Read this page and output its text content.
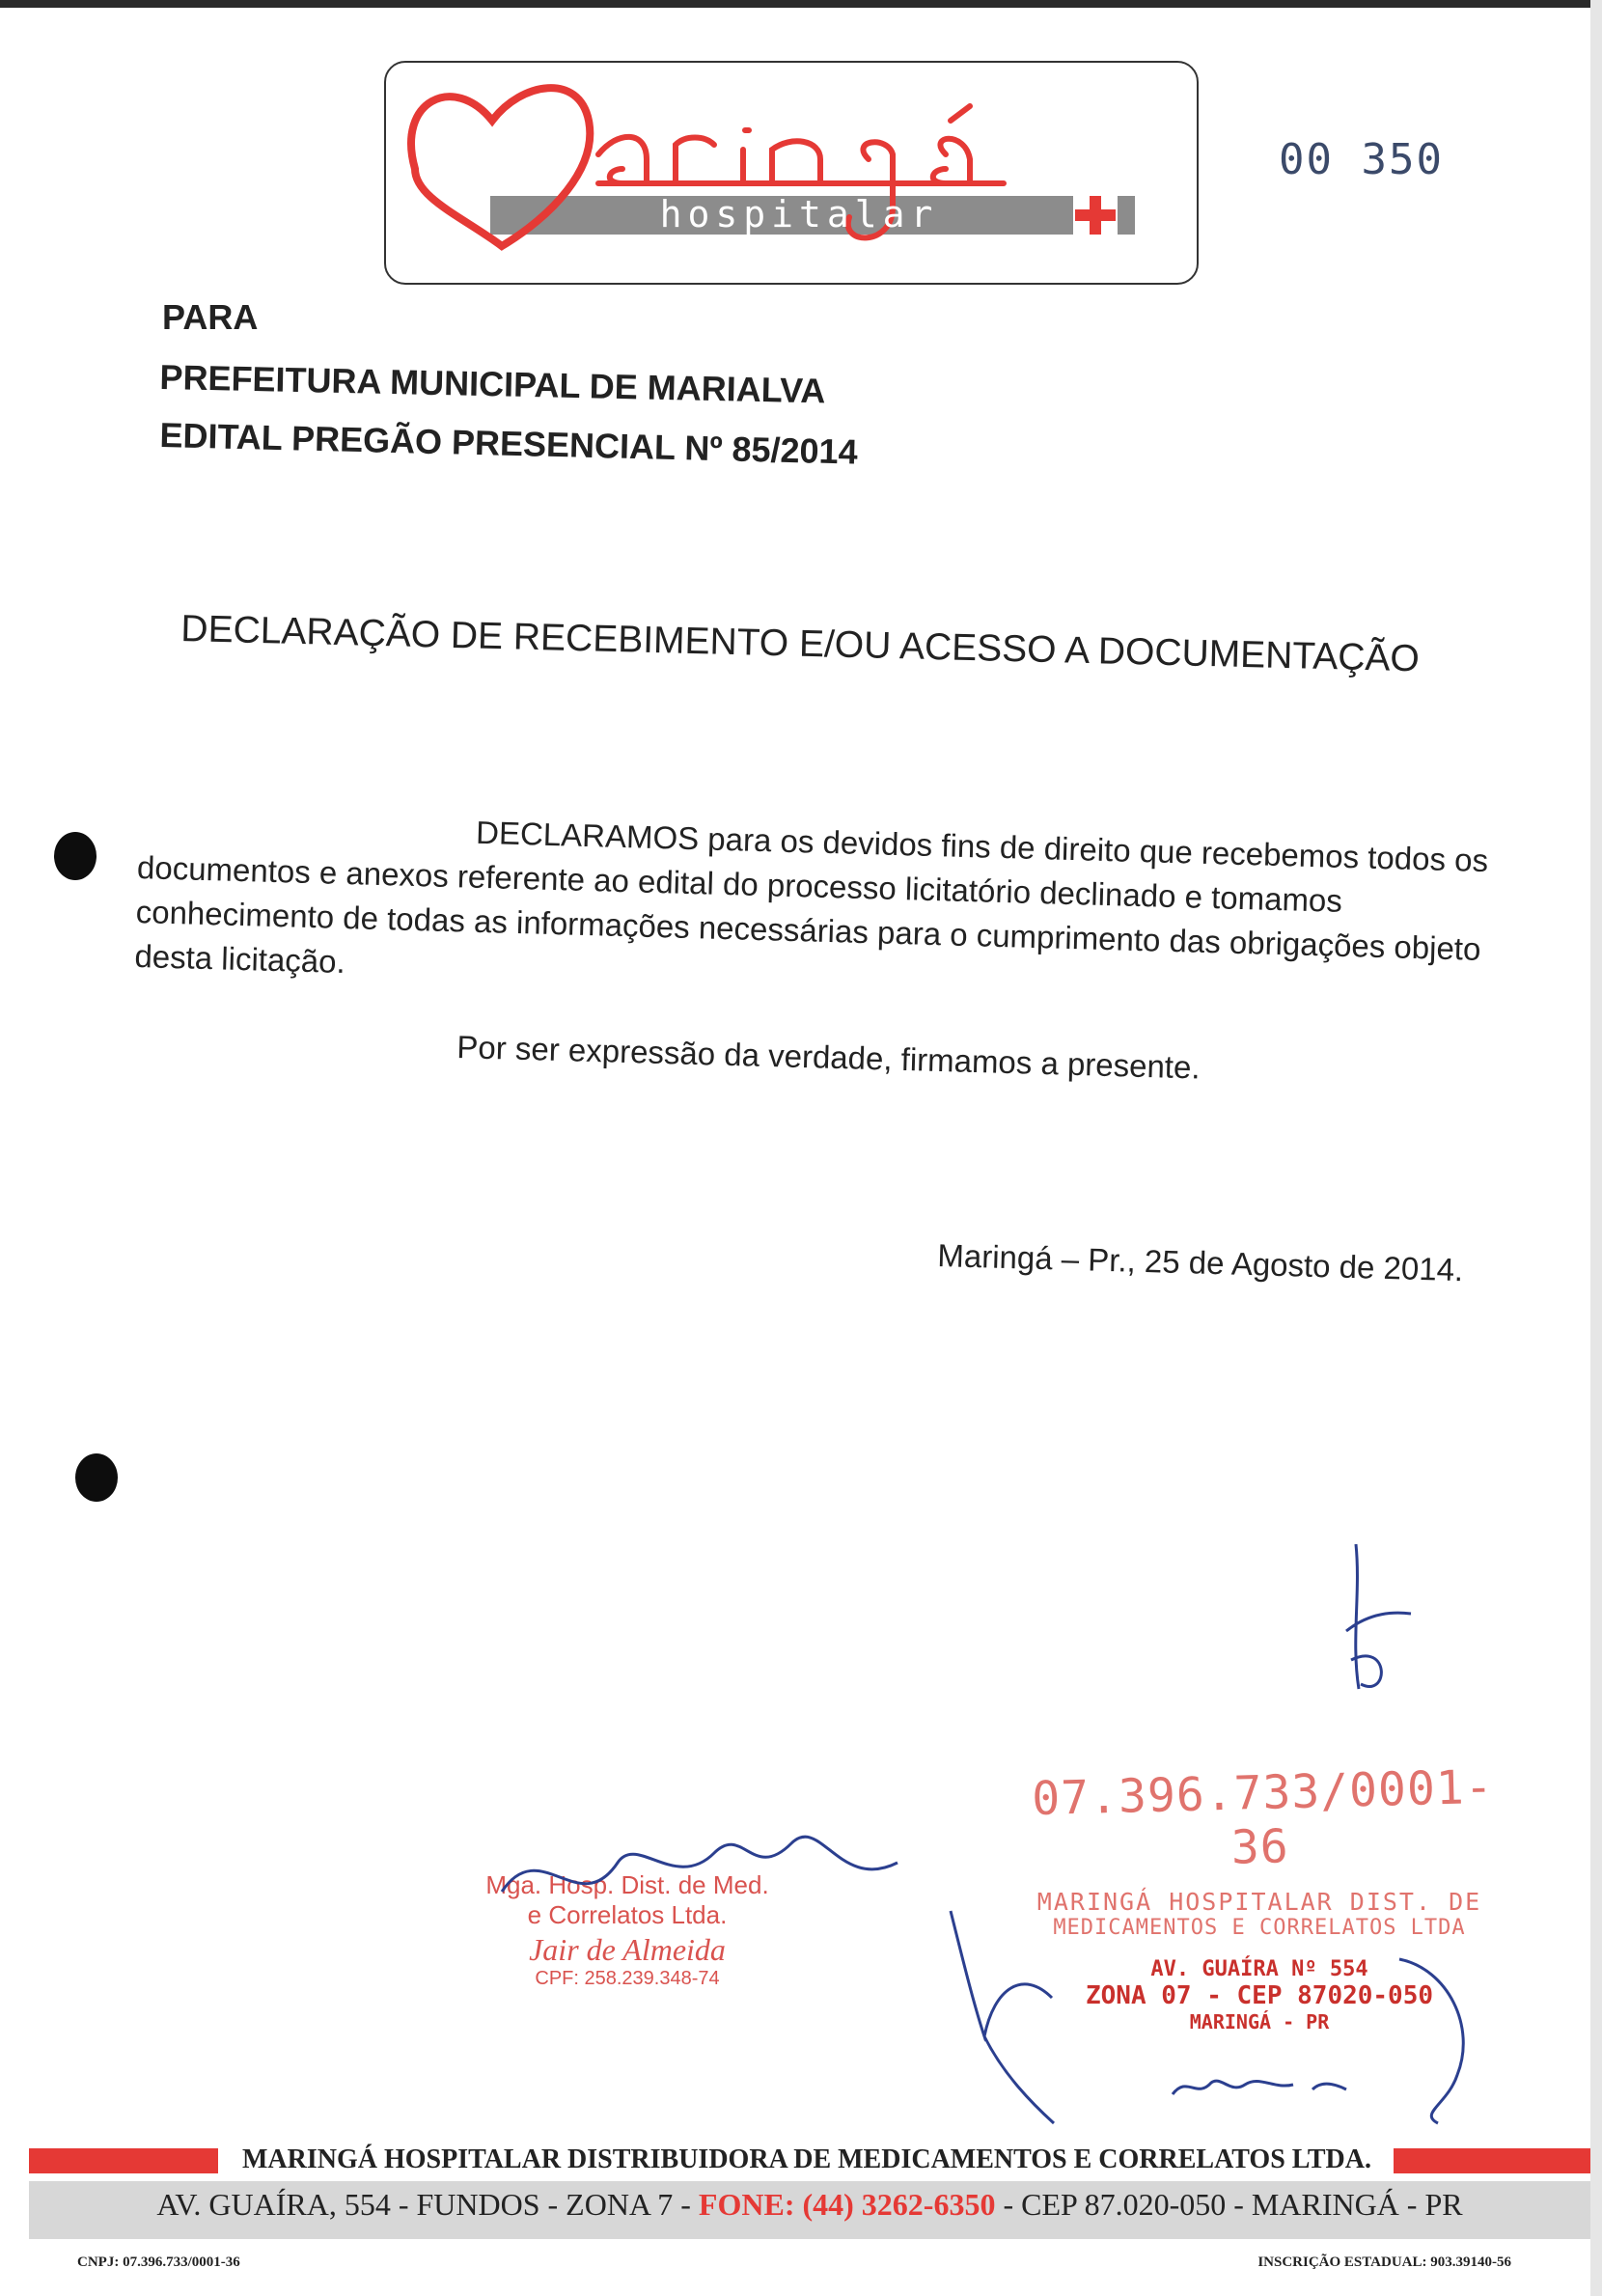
hospitalar
00 350
PARA
PREFEITURA MUNICIPAL DE MARIALVA
EDITAL PREGÃO PRESENCIAL Nº 85/2014
DECLARAÇÃO DE RECEBIMENTO E/OU ACESSO A DOCUMENTAÇÃO
DECLARAMOS para os devidos fins de direito que recebemos todos os documentos e anexos referente ao edital do processo licitatório declinado e tomamos conhecimento de todas as informações necessárias para o cumprimento das obrigações objeto desta licitação.
Por ser expressão da verdade, firmamos a presente.
Maringá – Pr., 25 de Agosto de 2014.
Mga. Hosp. Dist. de Med.
e Correlatos Ltda.
Jair de Almeida
CPF: 258.239.348-74
07.396.733/0001-36
MARINGÁ HOSPITALAR DIST. DE
MEDICAMENTOS E CORRELATOS LTDA
AV. GUAÍRA Nº 554
ZONA 07 - CEP 87020-050
MARINGÁ - PR
MARINGÁ HOSPITALAR DISTRIBUIDORA DE MEDICAMENTOS E CORRELATOS LTDA.
AV. GUAÍRA, 554 - FUNDOS - ZONA 7 - FONE: (44) 3262-6350 - CEP 87.020-050 - MARINGÁ - PR
CNPJ: 07.396.733/0001-36	INSCRIÇÃO ESTADUAL: 903.39140-56
